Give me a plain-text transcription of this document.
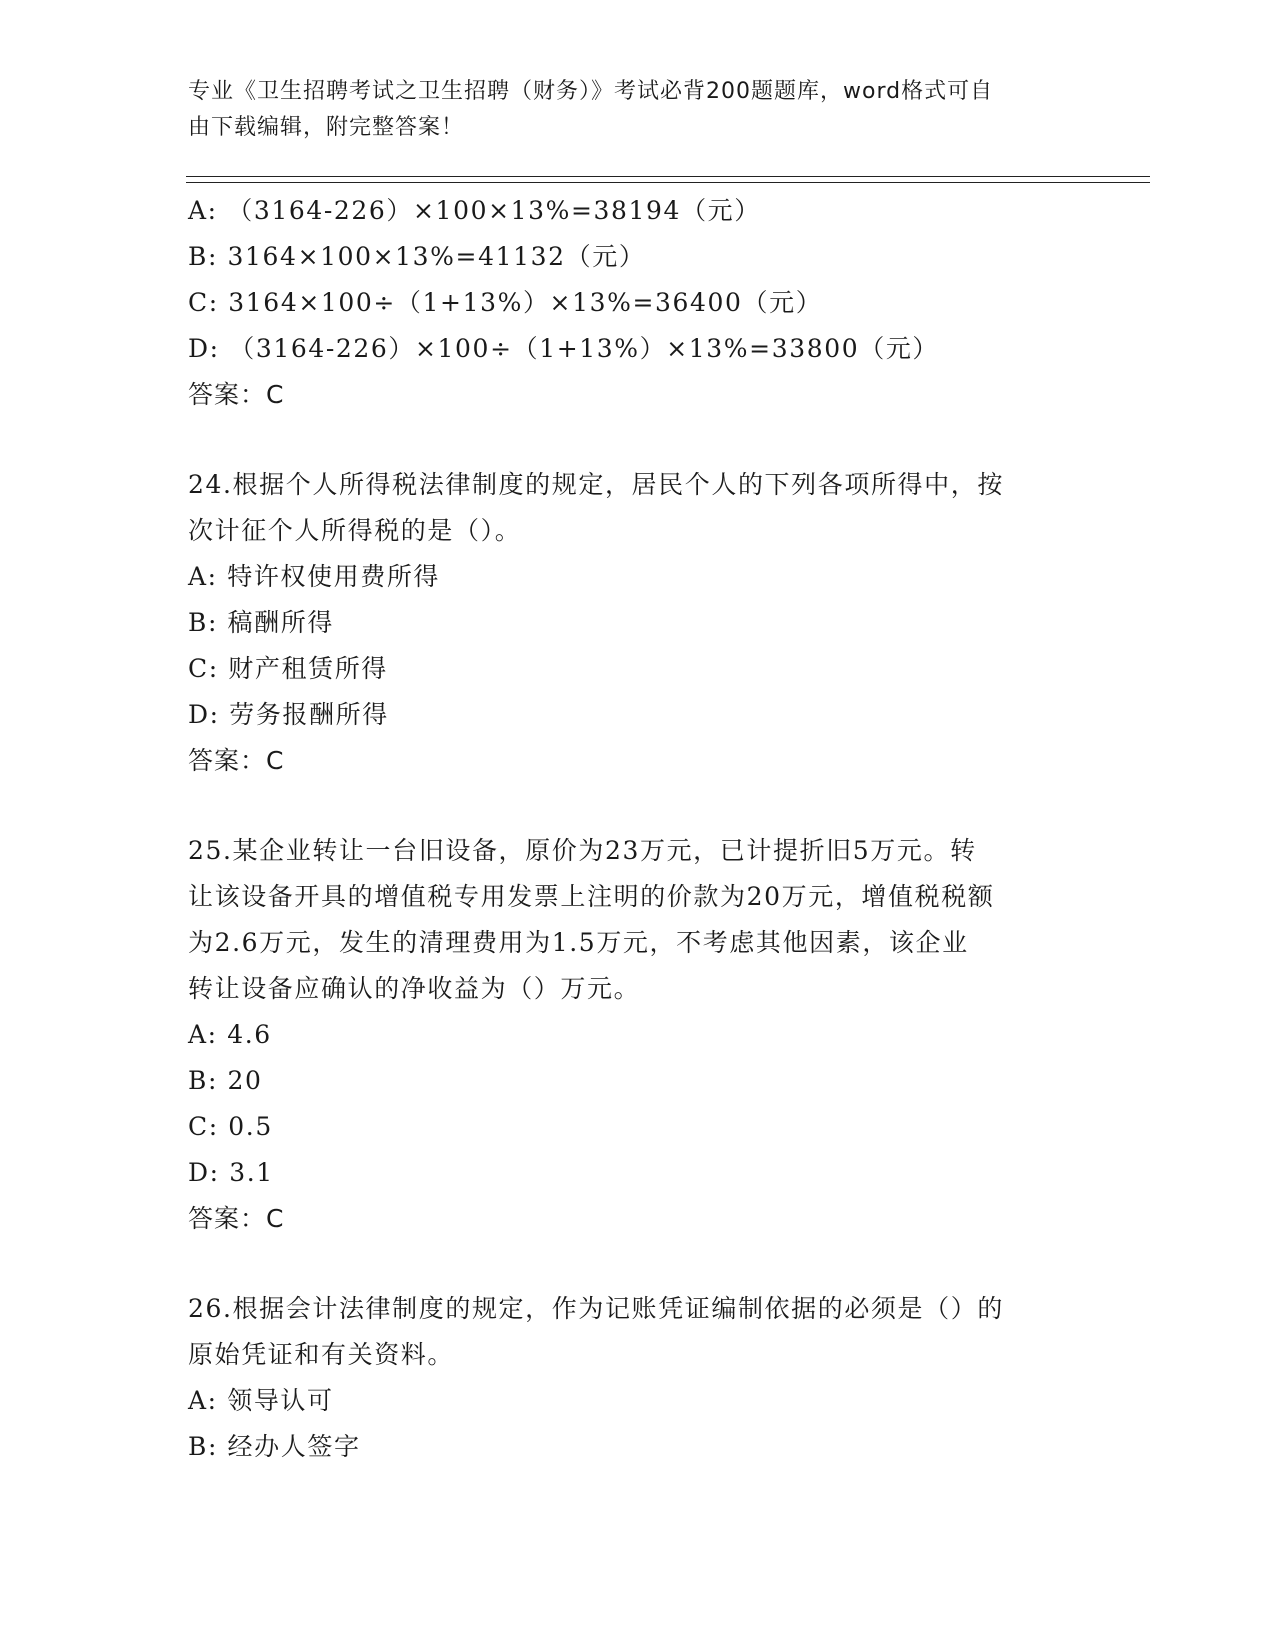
专业《卫生招聘考试之卫生招聘（财务）》考试必背200题题库，word格式可自
由下载编辑，附完整答案！
A: （3164-226）×100×13%=38194（元）
B: 3164×100×13%=41132（元）
C: 3164×100÷（1+13%）×13%=36400（元）
D: （3164-226）×100÷（1+13%）×13%=33800（元）
答案：C
24.根据个人所得税法律制度的规定，居民个人的下列各项所得中，按
次计征个人所得税的是（）。
A: 特许权使用费所得
B: 稿酬所得
C: 财产租赁所得
D: 劳务报酬所得
答案：C
25.某企业转让一台旧设备，原价为23万元，已计提折旧5万元。转
让该设备开具的增值税专用发票上注明的价款为20万元，增值税税额
为2.6万元，发生的清理费用为1.5万元，不考虑其他因素，该企业
转让设备应确认的净收益为（）万元。
A: 4.6
B: 20
C: 0.5
D: 3.1
答案：C
26.根据会计法律制度的规定，作为记账凭证编制依据的必须是（）的
原始凭证和有关资料。
A: 领导认可
B: 经办人签字
